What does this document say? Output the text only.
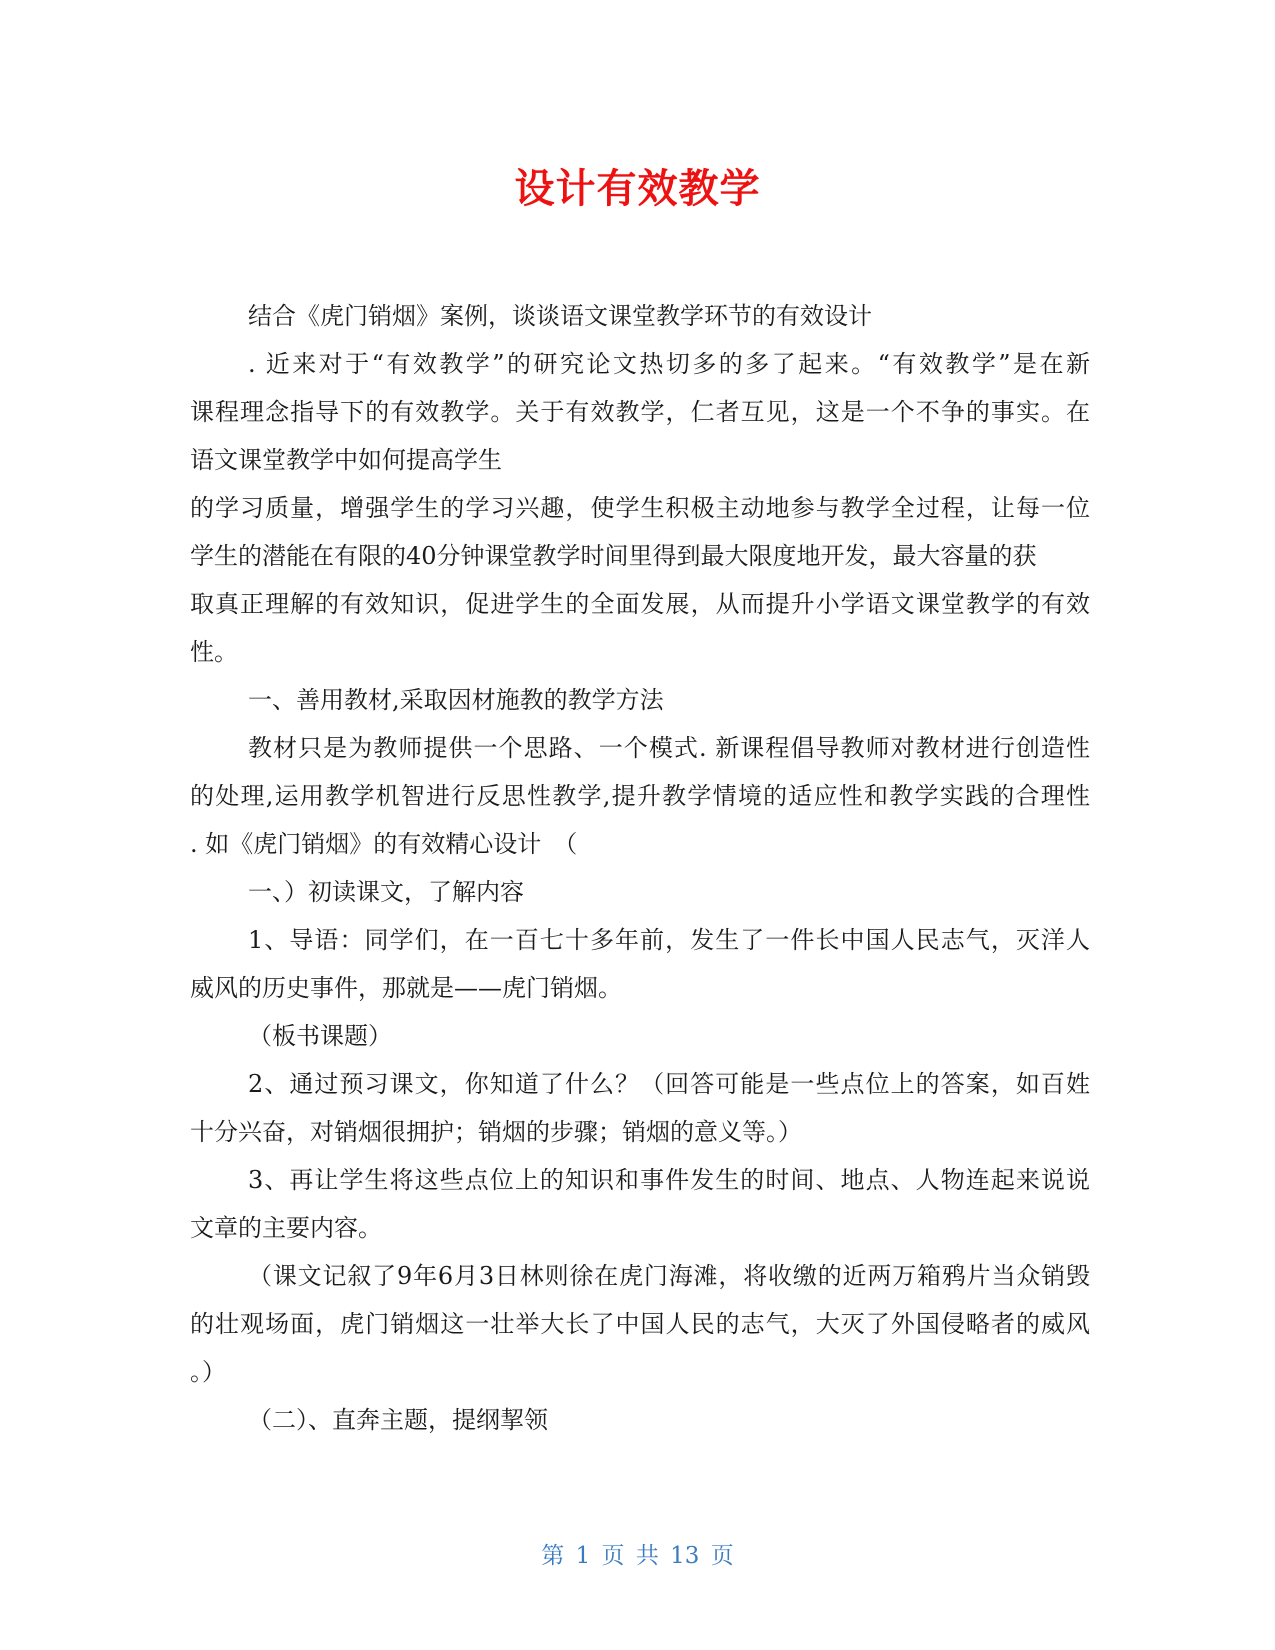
设计有效教学
结合《虎门销烟》案例，谈谈语文课堂教学环节的有效设计
. 近来对于“有效教学”的研究论文热切多的多了起来。“有效教学”是在新
课程理念指导下的有效教学。关于有效教学，仁者互见，这是一个不争的事实。在
语文课堂教学中如何提高学生
的学习质量，增强学生的学习兴趣，使学生积极主动地参与教学全过程，让每一位
学生的潜能在有限的40分钟课堂教学时间里得到最大限度地开发，最大容量的获
取真正理解的有效知识，促进学生的全面发展，从而提升小学语文课堂教学的有效
性。
一、善用教材,采取因材施教的教学方法
教材只是为教师提供一个思路、一个模式. 新课程倡导教师对教材进行创造性
的处理,运用教学机智进行反思性教学,提升教学情境的适应性和教学实践的合理性
. 如《虎门销烟》的有效精心设计　（
一、）初读课文，了解内容
1、导语：同学们，在一百七十多年前，发生了一件长中国人民志气，灭洋人
威风的历史事件，那就是——虎门销烟。
（板书课题）
2、通过预习课文，你知道了什么？（回答可能是一些点位上的答案，如百姓
十分兴奋，对销烟很拥护；销烟的步骤；销烟的意义等。）
3、再让学生将这些点位上的知识和事件发生的时间、地点、人物连起来说说
文章的主要内容。
（课文记叙了9年6月3日林则徐在虎门海滩，将收缴的近两万箱鸦片当众销毁
的壮观场面，虎门销烟这一壮举大长了中国人民的志气，大灭了外国侵略者的威风
。）
（二）、直奔主题，提纲挈领
第 1 页 共 13 页
